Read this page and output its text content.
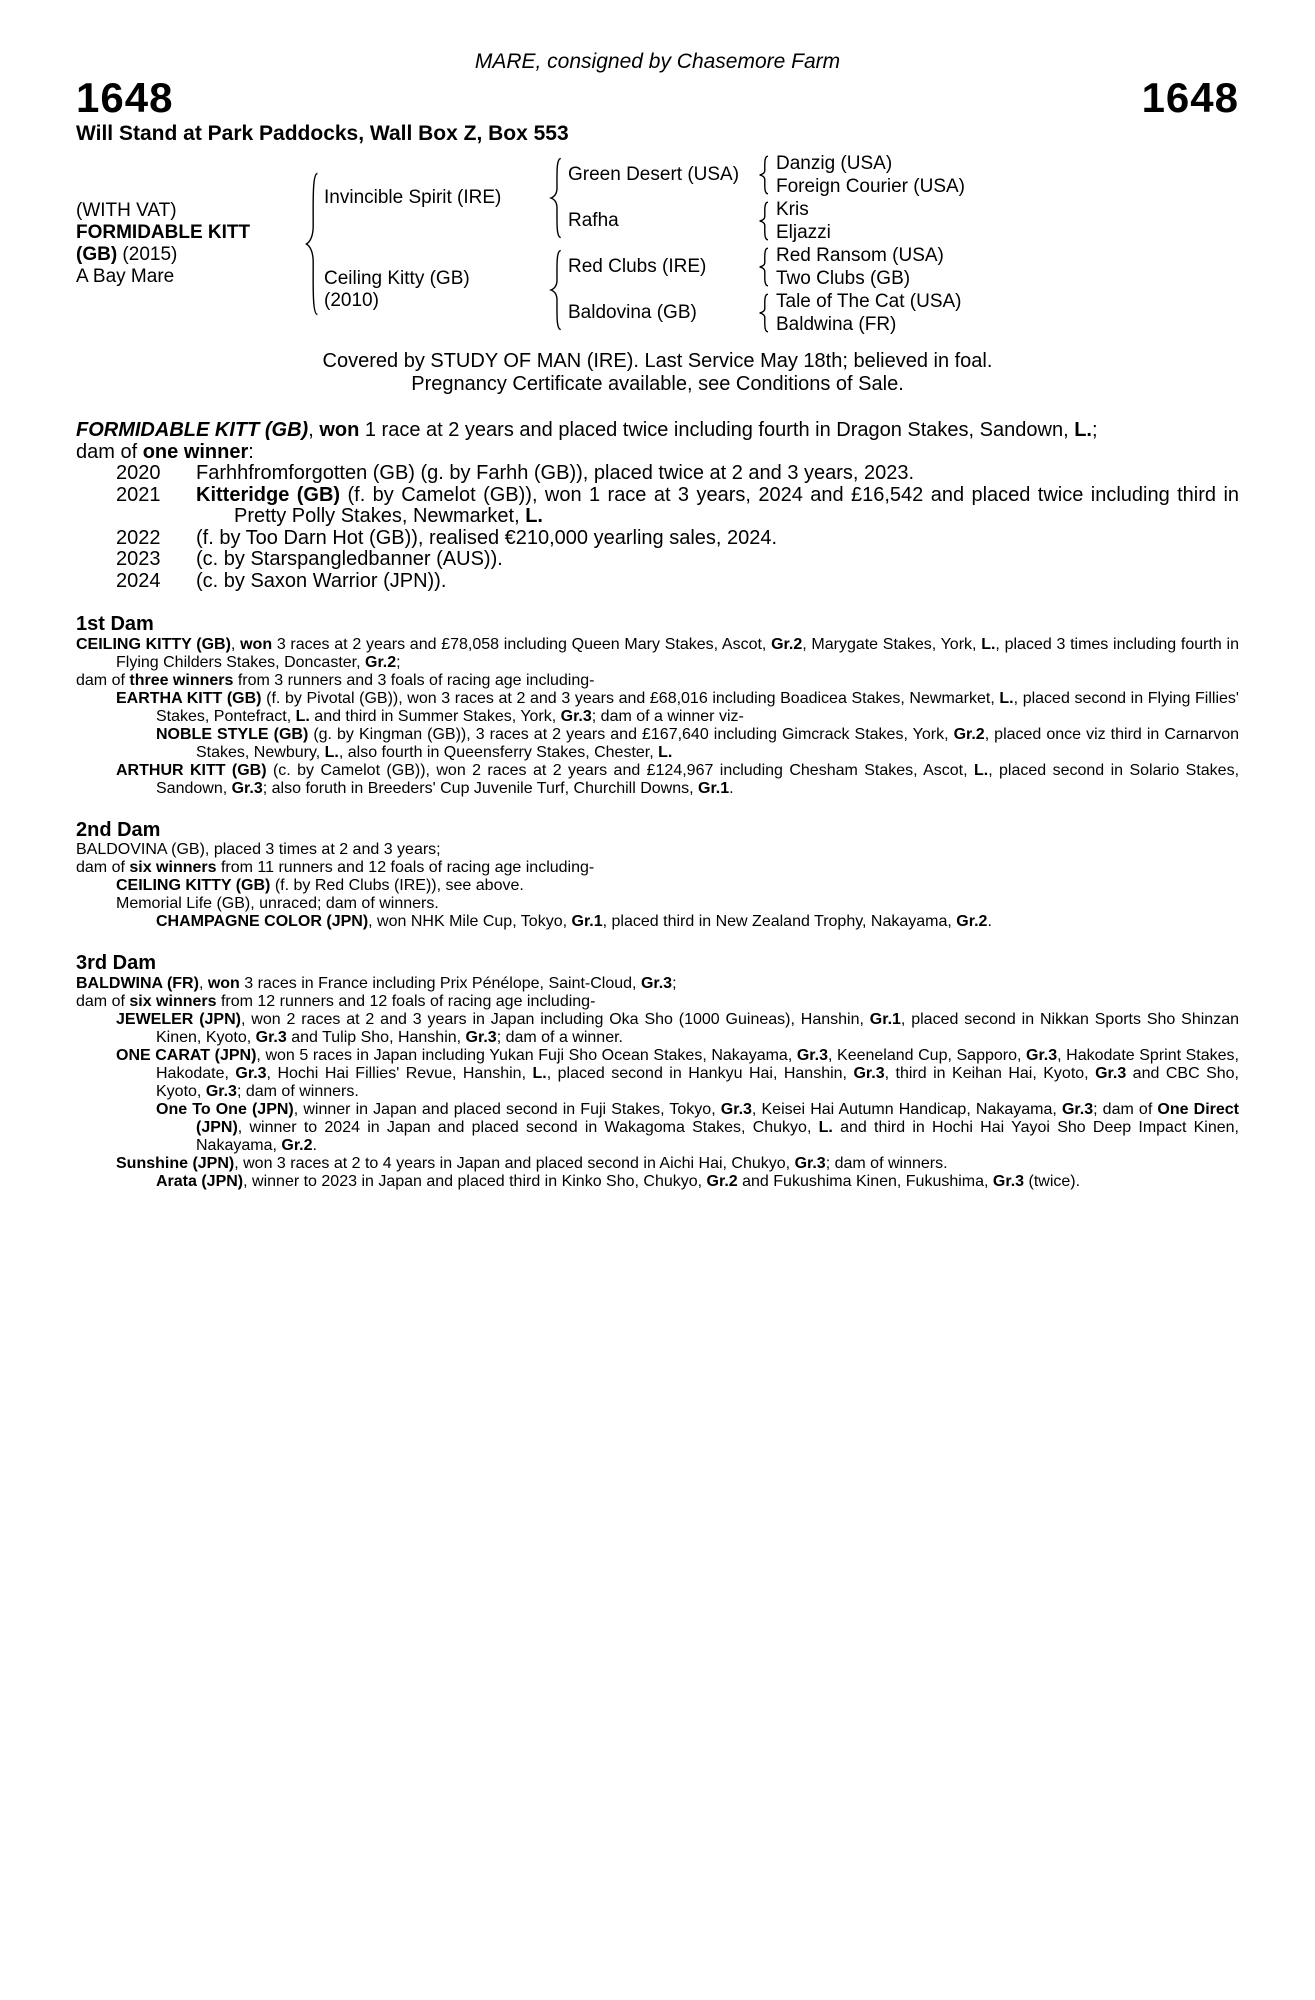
MARE, consigned by Chasemore Farm
1648	1648
Will Stand at Park Paddocks, Wall Box Z, Box 553
(WITH VAT)
FORMIDABLE KITT
(GB) (2015)
A Bay Mare
Invincible Spirit (IRE)
Ceiling Kitty (GB)
(2010)
Green Desert (USA)
Rafha
Red Clubs (IRE)
Baldovina (GB)
Danzig (USA)
Foreign Courier (USA)
Kris
Eljazzi
Red Ransom (USA)
Two Clubs (GB)
Tale of The Cat (USA)
Baldwina (FR)
Covered by STUDY OF MAN (IRE). Last Service May 18th; believed in foal.
Pregnancy Certificate available, see Conditions of Sale.

FORMIDABLE KITT (GB), won 1 race at 2 years and placed twice including fourth in Dragon Stakes, Sandown, L.;

dam of one winner:

2020	Farhhfromforgotten (GB) (g. by Farhh (GB)), placed twice at 2 and 3 years, 2023.

2021	Kitteridge (GB) (f. by Camelot (GB)), won 1 race at 3 years, 2024 and £16,542 and placed twice including third in Pretty Polly Stakes, Newmarket, L.

2022	(f. by Too Darn Hot (GB)), realised €210,000 yearling sales, 2024.

2023	(c. by Starspangledbanner (AUS)).

2024	(c. by Saxon Warrior (JPN)).

1st Dam

CEILING KITTY (GB), won 3 races at 2 years and £78,058 including Queen Mary Stakes, Ascot, Gr.2, Marygate Stakes, York, L., placed 3 times including fourth in Flying Childers Stakes, Doncaster, Gr.2;

dam of three winners from 3 runners and 3 foals of racing age including-

EARTHA KITT (GB) (f. by Pivotal (GB)), won 3 races at 2 and 3 years and £68,016 including Boadicea Stakes, Newmarket, L., placed second in Flying Fillies' Stakes, Pontefract, L. and third in Summer Stakes, York, Gr.3; dam of a winner viz-

NOBLE STYLE (GB) (g. by Kingman (GB)), 3 races at 2 years and £167,640 including Gimcrack Stakes, York, Gr.2, placed once viz third in Carnarvon Stakes, Newbury, L., also fourth in Queensferry Stakes, Chester, L.

ARTHUR KITT (GB) (c. by Camelot (GB)), won 2 races at 2 years and £124,967 including Chesham Stakes, Ascot, L., placed second in Solario Stakes, Sandown, Gr.3; also foruth in Breeders' Cup Juvenile Turf, Churchill Downs, Gr.1.

2nd Dam

BALDOVINA (GB), placed 3 times at 2 and 3 years;

dam of six winners from 11 runners and 12 foals of racing age including-

CEILING KITTY (GB) (f. by Red Clubs (IRE)), see above.

Memorial Life (GB), unraced; dam of winners.

CHAMPAGNE COLOR (JPN), won NHK Mile Cup, Tokyo, Gr.1, placed third in New Zealand Trophy, Nakayama, Gr.2.

3rd Dam

BALDWINA (FR), won 3 races in France including Prix Pénélope, Saint-Cloud, Gr.3;

dam of six winners from 12 runners and 12 foals of racing age including-

JEWELER (JPN), won 2 races at 2 and 3 years in Japan including Oka Sho (1000 Guineas), Hanshin, Gr.1, placed second in Nikkan Sports Sho Shinzan Kinen, Kyoto, Gr.3 and Tulip Sho, Hanshin, Gr.3; dam of a winner.

ONE CARAT (JPN), won 5 races in Japan including Yukan Fuji Sho Ocean Stakes, Nakayama, Gr.3, Keeneland Cup, Sapporo, Gr.3, Hakodate Sprint Stakes, Hakodate, Gr.3, Hochi Hai Fillies' Revue, Hanshin, L., placed second in Hankyu Hai, Hanshin, Gr.3, third in Keihan Hai, Kyoto, Gr.3 and CBC Sho, Kyoto, Gr.3; dam of winners.

One To One (JPN), winner in Japan and placed second in Fuji Stakes, Tokyo, Gr.3, Keisei Hai Autumn Handicap, Nakayama, Gr.3; dam of One Direct (JPN), winner to 2024 in Japan and placed second in Wakagoma Stakes, Chukyo, L. and third in Hochi Hai Yayoi Sho Deep Impact Kinen, Nakayama, Gr.2.

Sunshine (JPN), won 3 races at 2 to 4 years in Japan and placed second in Aichi Hai, Chukyo, Gr.3; dam of winners.

Arata (JPN), winner to 2023 in Japan and placed third in Kinko Sho, Chukyo, Gr.2 and Fukushima Kinen, Fukushima, Gr.3 (twice).
